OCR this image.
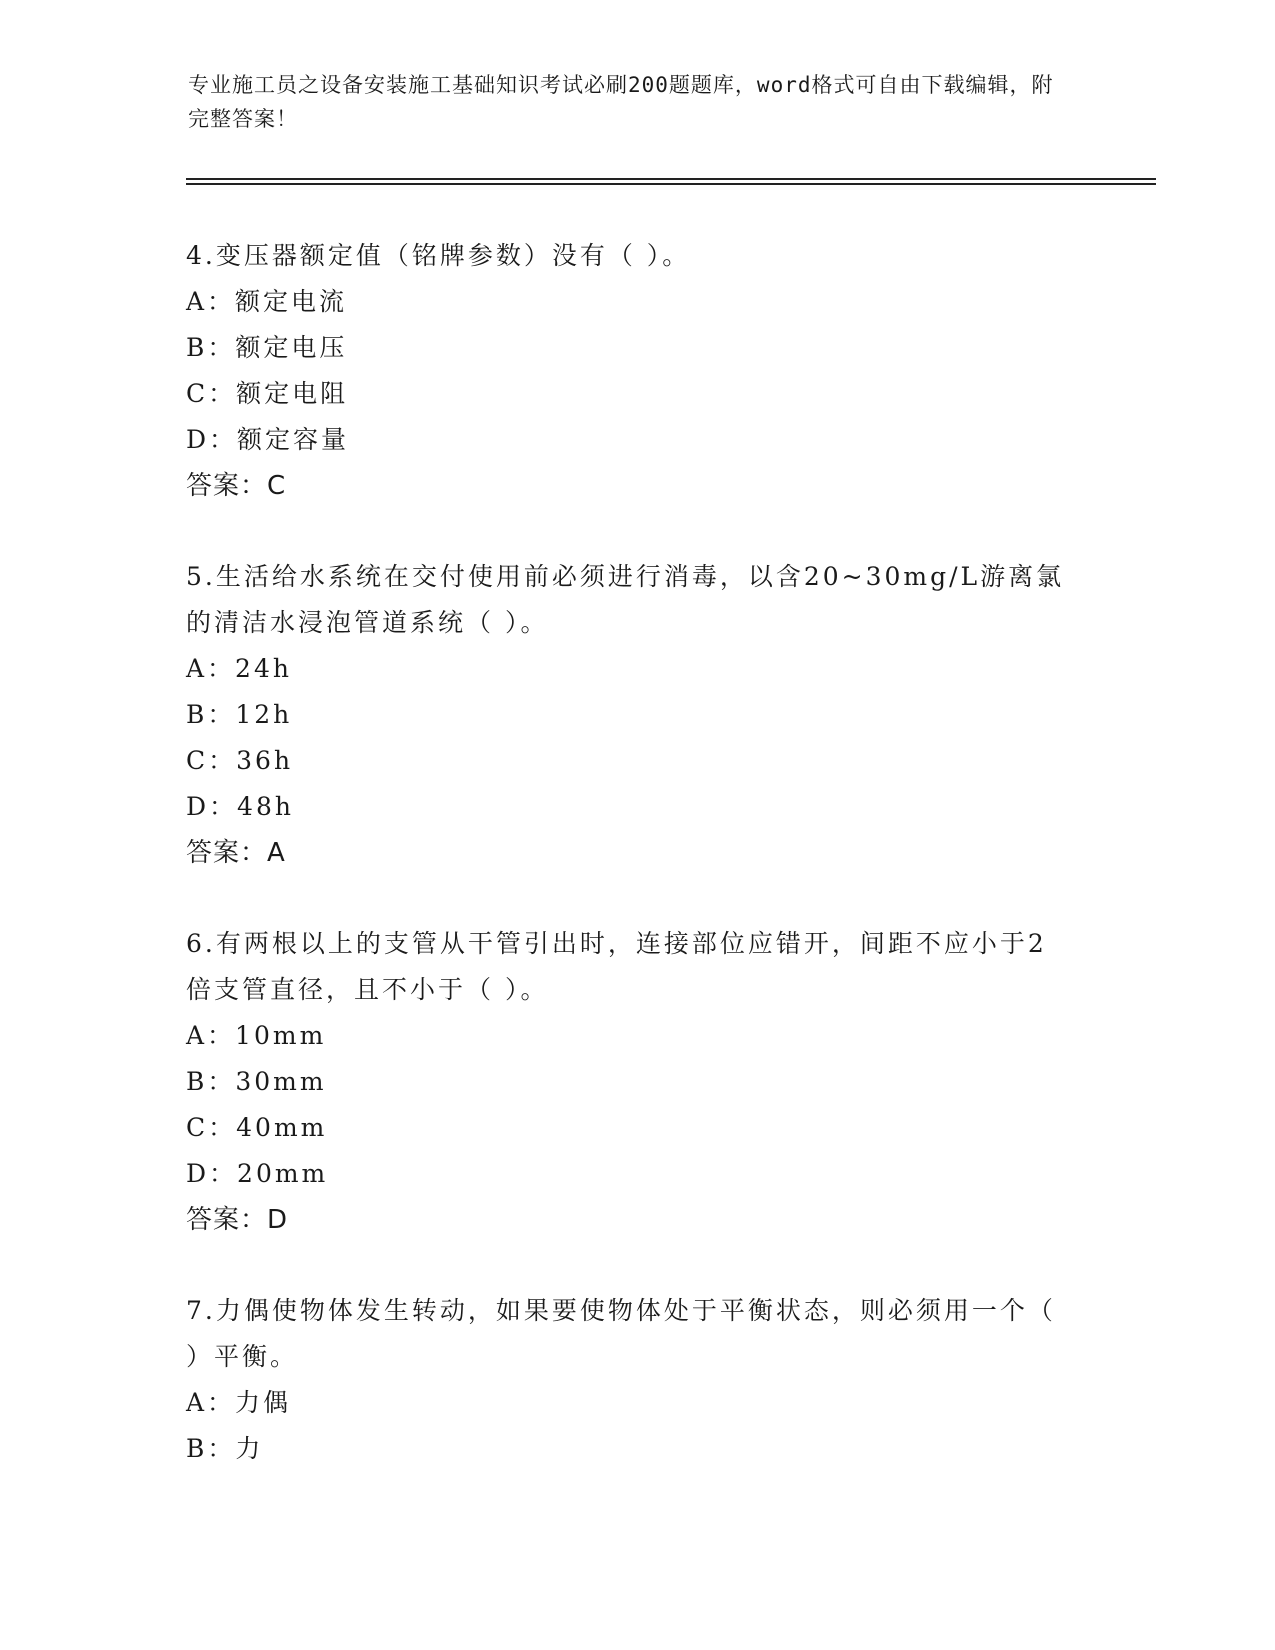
专业施工员之设备安装施工基础知识考试必刷200题题库，word格式可自由下载编辑，附完整答案！
4.变压器额定值（铭牌参数）没有（ ）。
A：额定电流
B：额定电压
C：额定电阻
D：额定容量
答案：C
5.生活给水系统在交付使用前必须进行消毒，以含20~30mg/L游离氯的清洁水浸泡管道系统（ ）。
A：24h
B：12h
C：36h
D：48h
答案：A
6.有两根以上的支管从干管引出时，连接部位应错开，间距不应小于2倍支管直径，且不小于（ ）。
A：10mm
B：30mm
C：40mm
D：20mm
答案：D
7.力偶使物体发生转动，如果要使物体处于平衡状态，则必须用一个（ ）平衡。
A：力偶
B：力
